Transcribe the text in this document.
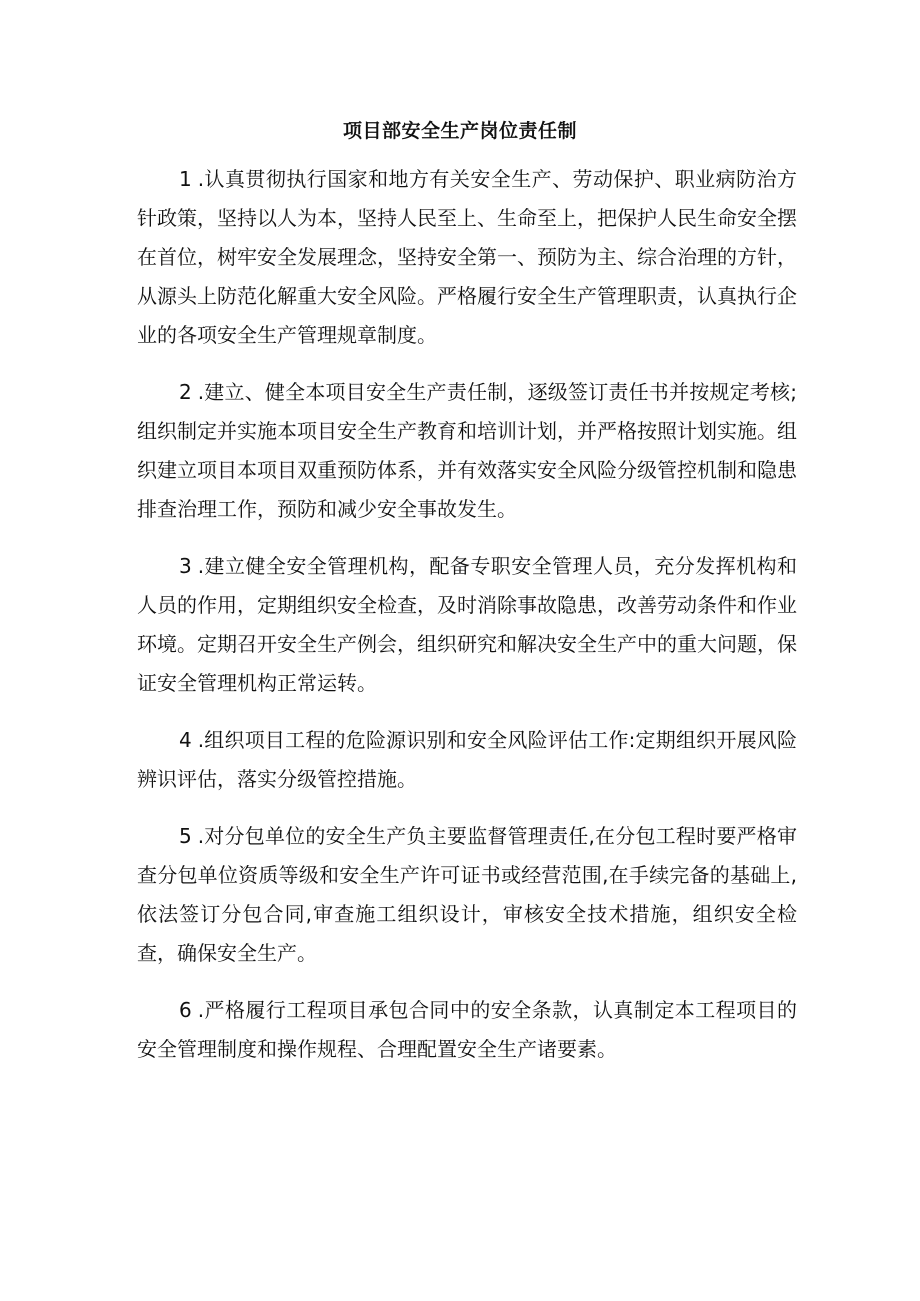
项目部安全生产岗位责任制

1.认真贯彻执行国家和地方有关安全生产、劳动保护、职业病防治方针政策，坚持以人为本，坚持人民至上、生命至上，把保护人民生命安全摆在首位，树牢安全发展理念，坚持安全第一、预防为主、综合治理的方针，从源头上防范化解重大安全风险。严格履行安全生产管理职责，认真执行企业的各项安全生产管理规章制度。

2.建立、健全本项目安全生产责任制，逐级签订责任书并按规定考核;组织制定并实施本项目安全生产教育和培训计划，并严格按照计划实施。组织建立项目本项目双重预防体系，并有效落实安全风险分级管控机制和隐患排查治理工作，预防和减少安全事故发生。

3.建立健全安全管理机构，配备专职安全管理人员，充分发挥机构和人员的作用，定期组织安全检查，及时消除事故隐患，改善劳动条件和作业环境。定期召开安全生产例会，组织研究和解决安全生产中的重大问题，保证安全管理机构正常运转。

4.组织项目工程的危险源识别和安全风险评估工作:定期组织开展风险辨识评估，落实分级管控措施。

5.对分包单位的安全生产负主要监督管理责任,在分包工程时要严格审查分包单位资质等级和安全生产许可证书或经营范围,在手续完备的基础上,依法签订分包合同,审查施工组织设计，审核安全技术措施，组织安全检查，确保安全生产。

6.严格履行工程项目承包合同中的安全条款，认真制定本工程项目的安全管理制度和操作规程、合理配置安全生产诸要素。
